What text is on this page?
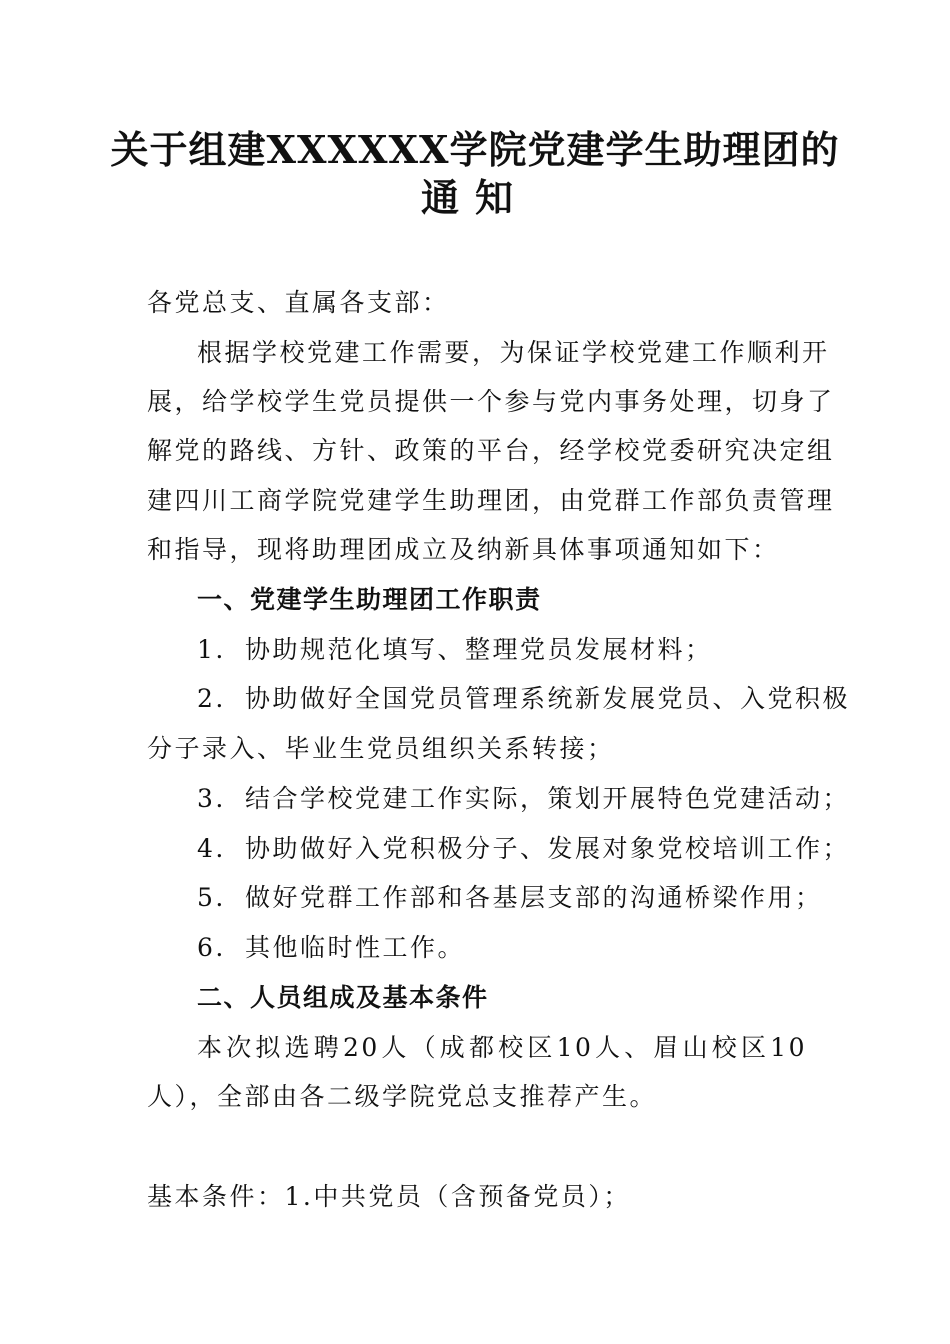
关于组建XXXXXX学院党建学生助理团的
通知
各党总支、直属各支部：
根据学校党建工作需要，为保证学校党建工作顺利开
展，给学校学生党员提供一个参与党内事务处理，切身了
解党的路线、方针、政策的平台，经学校党委研究决定组
建四川工商学院党建学生助理团，由党群工作部负责管理
和指导，现将助理团成立及纳新具体事项通知如下：
一、党建学生助理团工作职责
1. 协助规范化填写、整理党员发展材料；
2. 协助做好全国党员管理系统新发展党员、入党积极
分子录入、毕业生党员组织关系转接；
3. 结合学校党建工作实际，策划开展特色党建活动；
4. 协助做好入党积极分子、发展对象党校培训工作；
5. 做好党群工作部和各基层支部的沟通桥梁作用；
6. 其他临时性工作。
二、人员组成及基本条件
本次拟选聘20人（成都校区10人、眉山校区10
人），全部由各二级学院党总支推荐产生。
基本条件：1.中共党员（含预备党员）；
